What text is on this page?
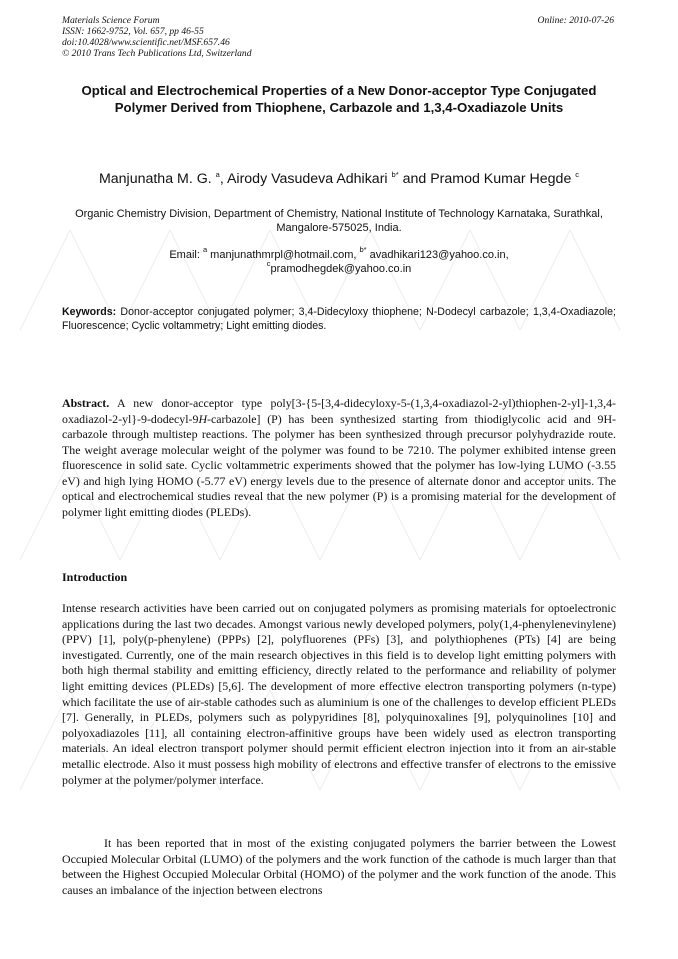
Materials Science Forum
ISSN: 1662-9752, Vol. 657, pp 46-55
doi:10.4028/www.scientific.net/MSF.657.46
© 2010 Trans Tech Publications Ltd, Switzerland
Online: 2010-07-26
Optical and Electrochemical Properties of a New Donor-acceptor Type Conjugated Polymer Derived from Thiophene, Carbazole and 1,3,4-Oxadiazole Units
Manjunatha M. G. $^a$, Airody Vasudeva Adhikari $^{b*}$ and Pramod Kumar Hegde $^c$
Organic Chemistry Division, Department of Chemistry, National Institute of Technology Karnataka, Surathkal, Mangalore-575025, India.
Email: $^a$ manjunathmrpl@hotmail.com, $^{b*}$ avadhikari123@yahoo.co.in,
$^c$pramodhegdek@yahoo.co.in
Keywords: Donor-acceptor conjugated polymer; 3,4-Didecyloxy thiophene; N-Dodecyl carbazole; 1,3,4-Oxadiazole; Fluorescence; Cyclic voltammetry; Light emitting diodes.
Abstract. A new donor-acceptor type poly[3-{5-[3,4-didecyloxy-5-(1,3,4-oxadiazol-2-yl)thiophen-2-yl]-1,3,4-oxadiazol-2-yl}-9-dodecyl-9H-carbazole] (P) has been synthesized starting from thiodiglycolic acid and 9H-carbazole through multistep reactions. The polymer has been synthesized through precursor polyhydrazide route. The weight average molecular weight of the polymer was found to be 7210. The polymer exhibited intense green fluorescence in solid sate. Cyclic voltammetric experiments showed that the polymer has low-lying LUMO (-3.55 eV) and high lying HOMO (-5.77 eV) energy levels due to the presence of alternate donor and acceptor units. The optical and electrochemical studies reveal that the new polymer (P) is a promising material for the development of polymer light emitting diodes (PLEDs).
Introduction
Intense research activities have been carried out on conjugated polymers as promising materials for optoelectronic applications during the last two decades. Amongst various newly developed polymers, poly(1,4-phenylenevinylene) (PPV) [1], poly(p-phenylene) (PPPs) [2], polyfluorenes (PFs) [3], and polythiophenes (PTs) [4] are being investigated. Currently, one of the main research objectives in this field is to develop light emitting polymers with both high thermal stability and emitting efficiency, directly related to the performance and reliability of polymer light emitting devices (PLEDs) [5,6]. The development of more effective electron transporting polymers (n-type) which facilitate the use of air-stable cathodes such as aluminium is one of the challenges to develop efficient PLEDs [7]. Generally, in PLEDs, polymers such as polypyridines [8], polyquinoxalines [9], polyquinolines [10] and polyoxadiazoles [11], all containing electron-affinitive groups have been widely used as electron transporting materials. An ideal electron transport polymer should permit efficient electron injection into it from an air-stable metallic electrode. Also it must possess high mobility of electrons and effective transfer of electrons to the emissive polymer at the polymer/polymer interface.
It has been reported that in most of the existing conjugated polymers the barrier between the Lowest Occupied Molecular Orbital (LUMO) of the polymers and the work function of the cathode is much larger than that between the Highest Occupied Molecular Orbital (HOMO) of the polymer and the work function of the anode. This causes an imbalance of the injection between electrons
